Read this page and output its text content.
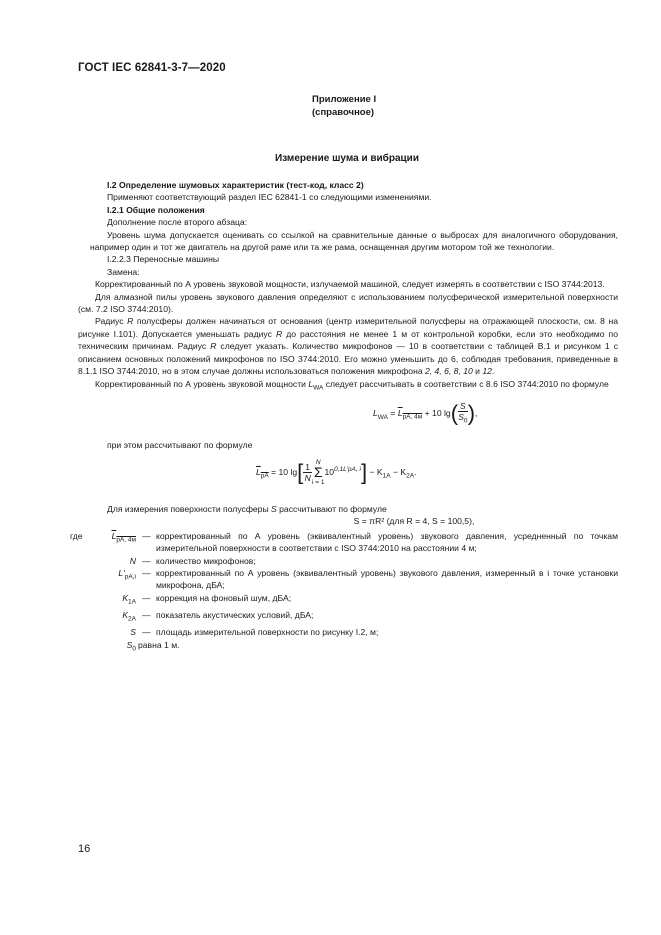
ГОСТ IEC 62841-3-7—2020
Приложение I
(справочное)
Измерение шума и вибрации

I.2 Определение шумовых характеристик (тест-код, класс 2)

Применяют соответствующий раздел IEC 62841-1 со следующими изменениями.

I.2.1 Общие положения

Дополнение после второго абзаца:

Уровень шума допускается оценивать со ссылкой на сравнительные данные о выбросах для аналогичного оборудования, например один и тот же двигатель на другой раме или та же рама, оснащенная другим мотором той же технологии.

I.2.2.3 Переносные машины

Замена:

Корректированный по А уровень звуковой мощности, излучаемой машиной, следует измерять в соответствии с ISO 3744:2013.

Для алмазной пилы уровень звукового давления определяют с использованием полусферической измерительной поверхности (см. 7.2 ISO 3744:2010).

Радиус R полусферы должен начинаться от основания (центр измерительной полусферы на отражающей плоскости, см. 8 на рисунке I.101). Допускается уменьшать радиус R до расстояния не менее 1 м от контрольной коробки, если это необходимо по техническим причинам. Радиус R следует указать. Количество микрофонов — 10 в соответствии с таблицей B.1 и рисунком 1 с описанием основных положений микрофонов по ISO 3744:2010. Его можно уменьшить до 6, соблюдая требования, приведенные в 8.1.1 ISO 3744:2010, но в этом случае должны использоваться положения микрофона 2, 4, 6, 8, 10 и 12.

Корректированный по А уровень звуковой мощности $L_{WA}$ следует рассчитывать в соответствии с 8.6 ISO 3744:2010 по формуле

$L_{WA} = L_{pA, 4м} + 10$ $\lg( \frac{S}{S_0}$ ),

при этом рассчитывают по формуле

$L_{pA} = 10$ $\lg[ \frac{1}{N}$ N
Σ
i = 1
$10^{0,1L'pA, i}] - K_{1A} - K_{2A}$.

Для измерения поверхности полусферы S рассчитывают по формуле

S = πR² (для R = 4, S = 100,5),

где	$L_{pA, 4м}$ — корректированный по А уровень (эквивалентный уровень) звукового давления, усредненный по точкам измерительной поверхности в соответствии с ISO 3744:2010 на расстоянии 4 м;
N — количество микрофонов;
$L'_{pA,i}$ — корректированный по А уровень (эквивалентный уровень) звукового давления, измеренный в i точке установки микрофона, дБА;
$K_{1A}$ — коррекция на фоновый шум, дБА;
$K_{2A}$ — показатель акустических условий, дБА;
S — площадь измерительной поверхности по рисунку I.2, м;
$S_0$ равна 1 м.
16
